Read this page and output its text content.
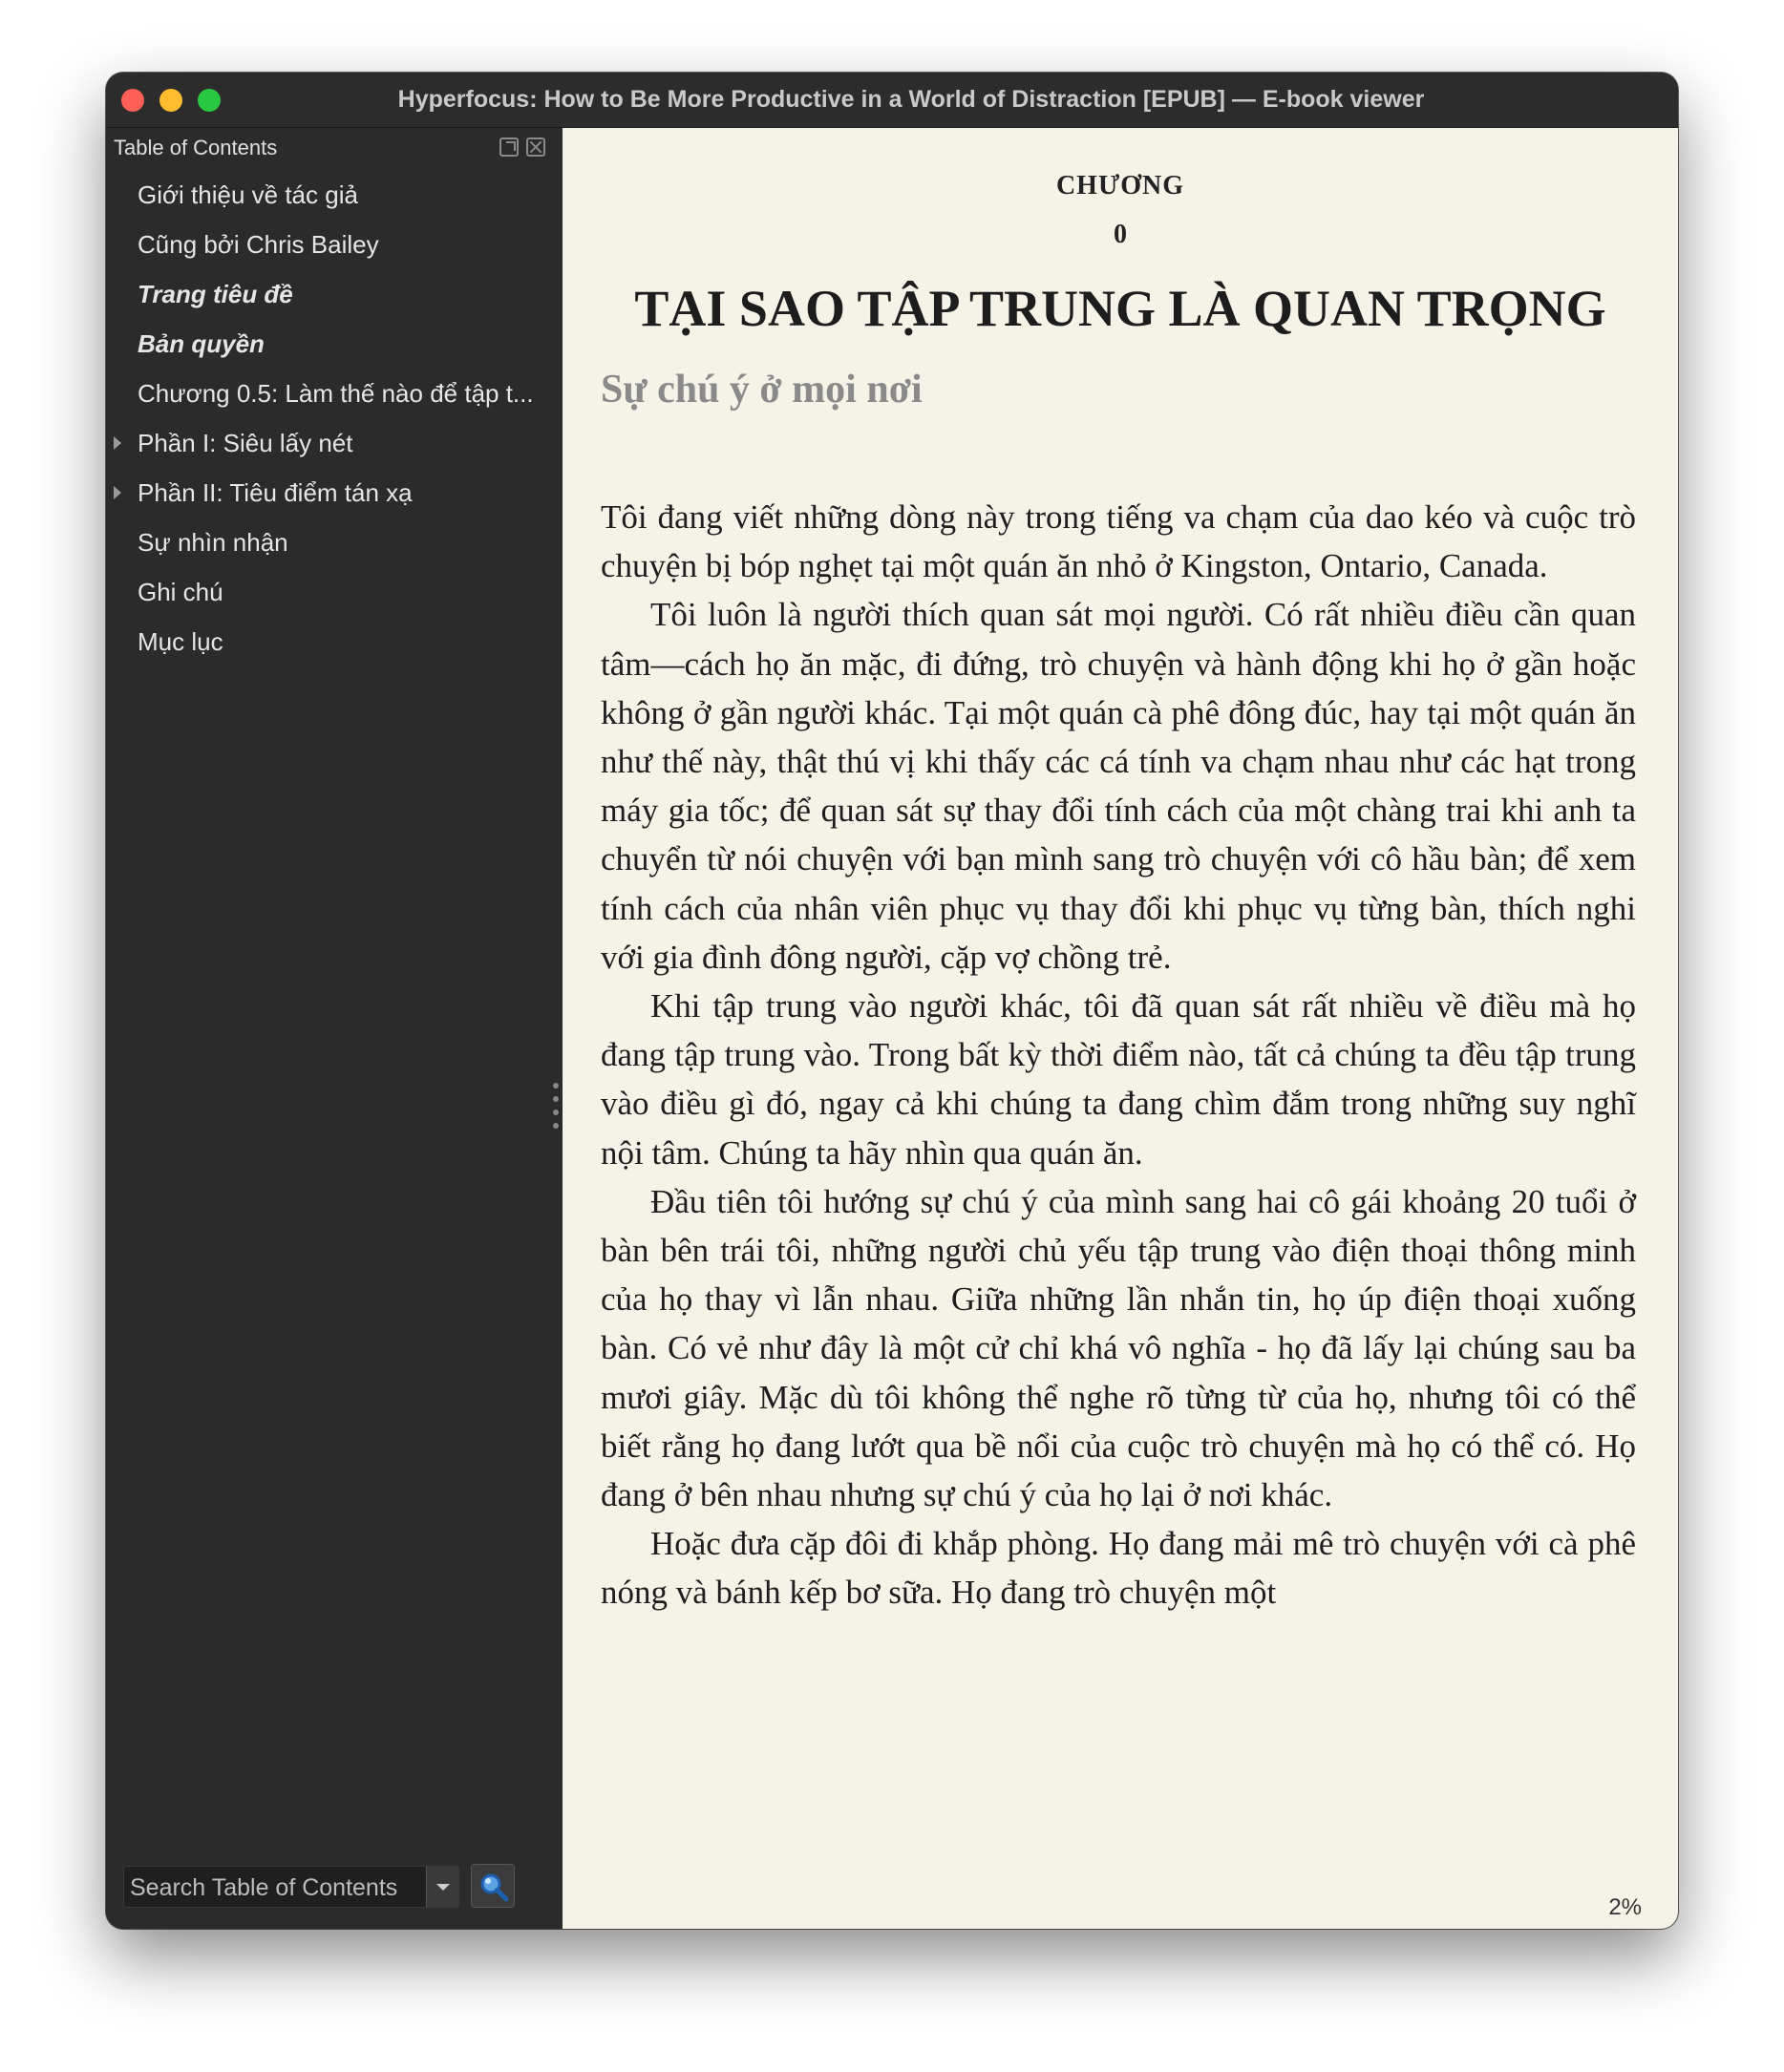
Hyperfocus: How to Be More Productive in a World of Distraction [EPUB] — E-book viewer
Table of Contents
Giới thiệu về tác giả
Cũng bởi Chris Bailey
Trang tiêu đề
Bản quyền
Chương 0.5: Làm thế nào để tập t...
Phần I: Siêu lấy nét
Phần II: Tiêu điểm tán xạ
Sự nhìn nhận
Ghi chú
Mục lục
Search Table of Contents
CHƯƠNG
0
TẠI SAO TẬP TRUNG LÀ QUAN TRỌNG
Sự chú ý ở mọi nơi

Tôi đang viết những dòng này trong tiếng va chạm của dao kéo và cuộc trò chuyện bị bóp nghẹt tại một quán ăn nhỏ ở Kingston, Ontario, Canada.

Tôi luôn là người thích quan sát mọi người. Có rất nhiều điều cần quan tâm—cách họ ăn mặc, đi đứng, trò chuyện và hành động khi họ ở gần hoặc không ở gần người khác. Tại một quán cà phê đông đúc, hay tại một quán ăn như thế này, thật thú vị khi thấy các cá tính va chạm nhau như các hạt trong máy gia tốc; để quan sát sự thay đổi tính cách của một chàng trai khi anh ta chuyển từ nói chuyện với bạn mình sang trò chuyện với cô hầu bàn; để xem tính cách của nhân viên phục vụ thay đổi khi phục vụ từng bàn, thích nghi với gia đình đông người, cặp vợ chồng trẻ.

Khi tập trung vào người khác, tôi đã quan sát rất nhiều về điều mà họ đang tập trung vào. Trong bất kỳ thời điểm nào, tất cả chúng ta đều tập trung vào điều gì đó, ngay cả khi chúng ta đang chìm đắm trong những suy nghĩ nội tâm. Chúng ta hãy nhìn qua quán ăn.

Đầu tiên tôi hướng sự chú ý của mình sang hai cô gái khoảng 20 tuổi ở bàn bên trái tôi, những người chủ yếu tập trung vào điện thoại thông minh của họ thay vì lẫn nhau. Giữa những lần nhắn tin, họ úp điện thoại xuống bàn. Có vẻ như đây là một cử chỉ khá vô nghĩa - họ đã lấy lại chúng sau ba mươi giây. Mặc dù tôi không thể nghe rõ từng từ của họ, nhưng tôi có thể biết rằng họ đang lướt qua bề nổi của cuộc trò chuyện mà họ có thể có. Họ đang ở bên nhau nhưng sự chú ý của họ lại ở nơi khác.

Hoặc đưa cặp đôi đi khắp phòng. Họ đang mải mê trò chuyện với cà phê nóng và bánh kếp bơ sữa. Họ đang trò chuyện một

2%
